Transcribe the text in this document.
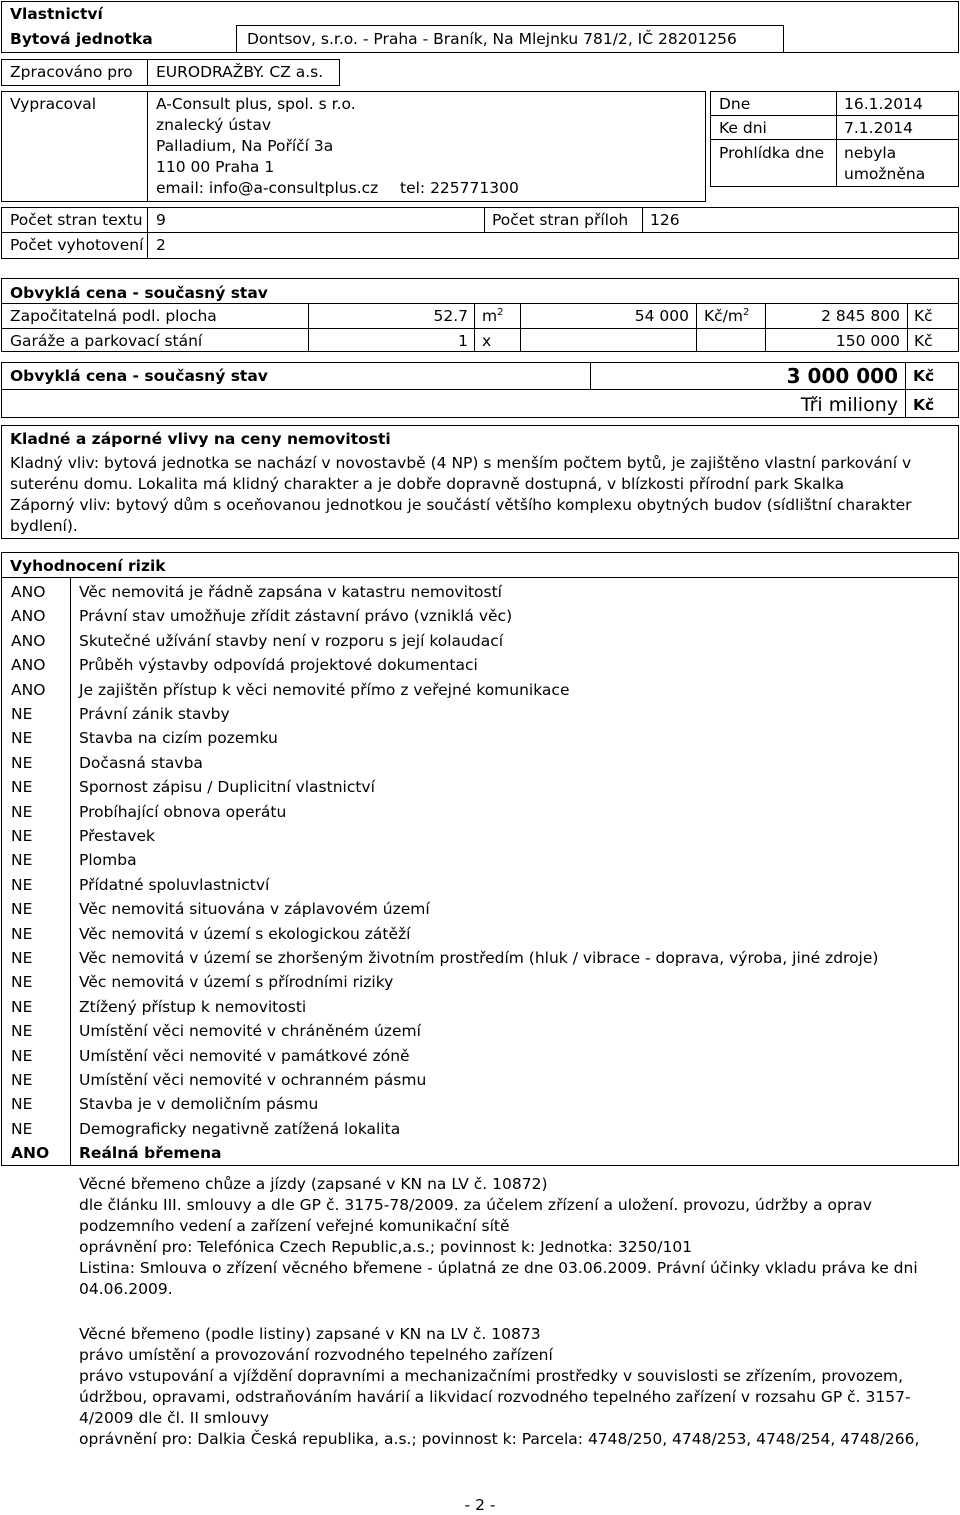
Vlastnictví
Bytová jednotka	Dontsov, s.r.o. - Praha - Braník, Na Mlejnku 781/2, IČ 28201256
Zpracováno pro EURODRAŽBY. CZ a.s.
Vypracoval	A-Consult plus, spol. s r.o.
znalecký ústav
Palladium, Na Poříčí 3a
110 00 Praha 1
email: info@a-consultplus.cz tel: 225771300
Dne	16.1.2014
Ke dni	7.1.2014
Prohlídka dne nebyla
umožněna
Počet stran textu 9	Počet stran příloh 126
Počet vyhotovení 2
Obvyklá cena - současný stav
Započitatelná podl. plocha	52.7 $m^2$	54 000 $Kč/m^2$	2 845 800 Kč
Garáže a parkovací stání	1 x	150 000 Kč
Obvyklá cena - současný stav	3 000 000 Kč
Tři miliony Kč
Kladné a záporné vlivy na ceny nemovitosti
Kladný vliv: bytová jednotka se nachází v novostavbě (4 NP) s menším počtem bytů, je zajištěno vlastní parkování v
suterénu domu. Lokalita má klidný charakter a je dobře dopravně dostupná, v blízkosti přírodní park Skalka
Záporný vliv: bytový dům s oceňovanou jednotkou je součástí většího komplexu obytných budov (sídlištní charakter
bydlení).
Vyhodnocení rizik
ANO Věc nemovitá je řádně zapsána v katastru nemovitostí
ANO Právní stav umožňuje zřídit zástavní právo (vzniklá věc)
ANO Skutečné užívání stavby není v rozporu s její kolaudací
ANO Průběh výstavby odpovídá projektové dokumentaci
ANO Je zajištěn přístup k věci nemovité přímo z veřejné komunikace
NE	Právní zánik stavby
NE	Stavba na cizím pozemku
NE	Dočasná stavba
NE	Spornost zápisu / Duplicitní vlastnictví
NE	Probíhající obnova operátu
NE	Přestavek
NE	Plomba
NE	Přídatné spoluvlastnictví
NE	Věc nemovitá situována v záplavovém území
NE	Věc nemovitá v území s ekologickou zátěží
NE	Věc nemovitá v území se zhoršeným životním prostředím (hluk / vibrace - doprava, výroba, jiné zdroje)
NE	Věc nemovitá v území s přírodními riziky
NE	Ztížený přístup k nemovitosti
NE	Umístění věci nemovité v chráněném území
NE	Umístění věci nemovité v památkové zóně
NE	Umístění věci nemovité v ochranném pásmu
NE	Stavba je v demoličním pásmu
NE	Demograficky negativně zatížená lokalita
ANO Reálná břemena
Věcné břemeno chůze a jízdy (zapsané v KN na LV č. 10872)
dle článku III. smlouvy a dle GP č. 3175-78/2009. za účelem zřízení a uložení. provozu, údržby a oprav
podzemního vedení a zařízení veřejné komunikační sítě
oprávnění pro: Telefónica Czech Republic,a.s.; povinnost k: Jednotka: 3250/101
Listina: Smlouva o zřízení věcného břemene - úplatná ze dne 03.06.2009. Právní účinky vkladu práva ke dni
04.06.2009.
Věcné břemeno (podle listiny) zapsané v KN na LV č. 10873
právo umístění a provozování rozvodného tepelného zařízení
právo vstupování a vjíždění dopravními a mechanizačními prostředky v souvislosti se zřízením, provozem,
údržbou, opravami, odstraňováním havárií a likvidací rozvodného tepelného zařízení v rozsahu GP č. 3157-
4/2009 dle čl. II smlouvy
oprávnění pro: Dalkia Česká republika, a.s.; povinnost k: Parcela: 4748/250, 4748/253, 4748/254, 4748/266,
- 2 -
